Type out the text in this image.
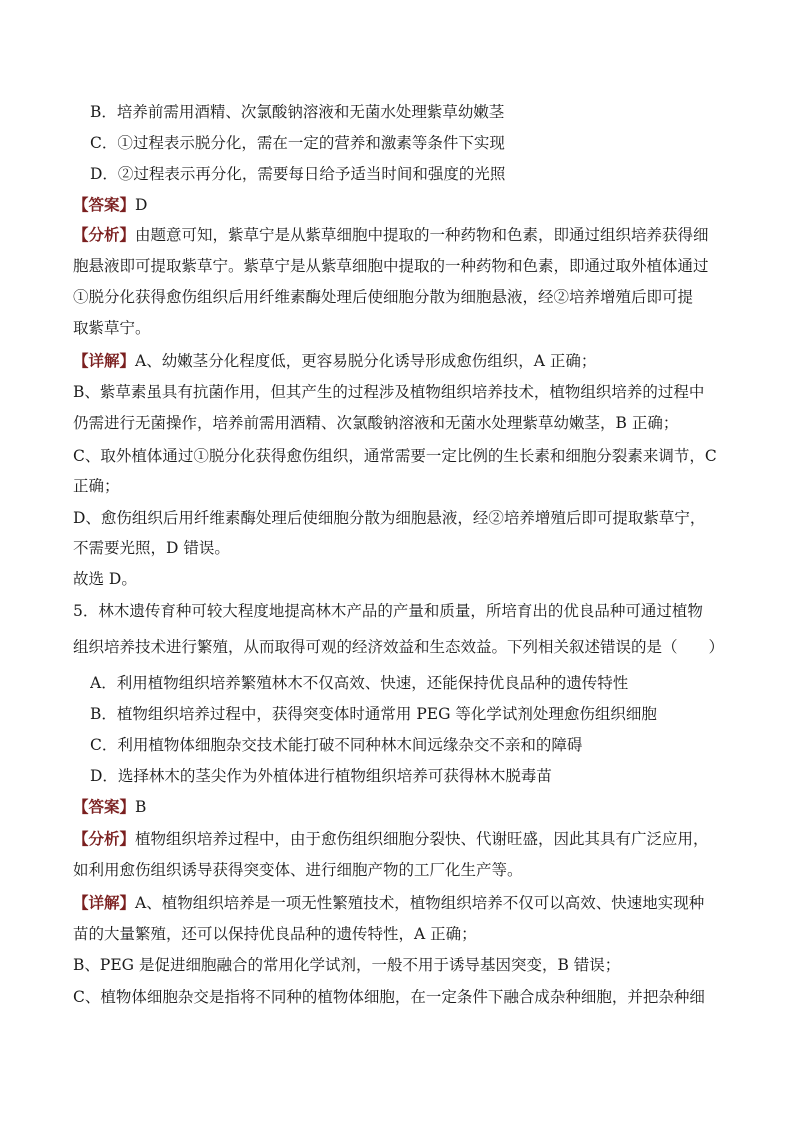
B．培养前需用酒精、次氯酸钠溶液和无菌水处理紫草幼嫩茎
C．①过程表示脱分化，需在一定的营养和激素等条件下实现
D．②过程表示再分化，需要每日给予适当时间和强度的光照
【答案】D
【分析】由题意可知，紫草宁是从紫草细胞中提取的一种药物和色素，即通过组织培养获得细
胞悬液即可提取紫草宁。紫草宁是从紫草细胞中提取的一种药物和色素，即通过取外植体通过
①脱分化获得愈伤组织后用纤维素酶处理后使细胞分散为细胞悬液，经②培养增殖后即可提
取紫草宁。
【详解】A、幼嫩茎分化程度低，更容易脱分化诱导形成愈伤组织，A 正确；
B、紫草素虽具有抗菌作用，但其产生的过程涉及植物组织培养技术，植物组织培养的过程中
仍需进行无菌操作，培养前需用酒精、次氯酸钠溶液和无菌水处理紫草幼嫩茎，B 正确；
C、取外植体通过①脱分化获得愈伤组织，通常需要一定比例的生长素和细胞分裂素来调节，C
正确；
D、愈伤组织后用纤维素酶处理后使细胞分散为细胞悬液，经②培养增殖后即可提取紫草宁，
不需要光照，D 错误。
故选 D。
5．林木遗传育种可较大程度地提高林木产品的产量和质量，所培育出的优良品种可通过植物
组织培养技术进行繁殖，从而取得可观的经济效益和生态效益。下列相关叙述错误的是（　　）
A．利用植物组织培养繁殖林木不仅高效、快速，还能保持优良品种的遗传特性
B．植物组织培养过程中，获得突变体时通常用 PEG 等化学试剂处理愈伤组织细胞
C．利用植物体细胞杂交技术能打破不同种林木间远缘杂交不亲和的障碍
D．选择林木的茎尖作为外植体进行植物组织培养可获得林木脱毒苗
【答案】B
【分析】植物组织培养过程中，由于愈伤组织细胞分裂快、代谢旺盛，因此其具有广泛应用，
如利用愈伤组织诱导获得突变体、进行细胞产物的工厂化生产等。
【详解】A、植物组织培养是一项无性繁殖技术，植物组织培养不仅可以高效、快速地实现种
苗的大量繁殖，还可以保持优良品种的遗传特性，A 正确；
B、PEG 是促进细胞融合的常用化学试剂，一般不用于诱导基因突变，B 错误；
C、植物体细胞杂交是指将不同种的植物体细胞，在一定条件下融合成杂种细胞，并把杂种细
